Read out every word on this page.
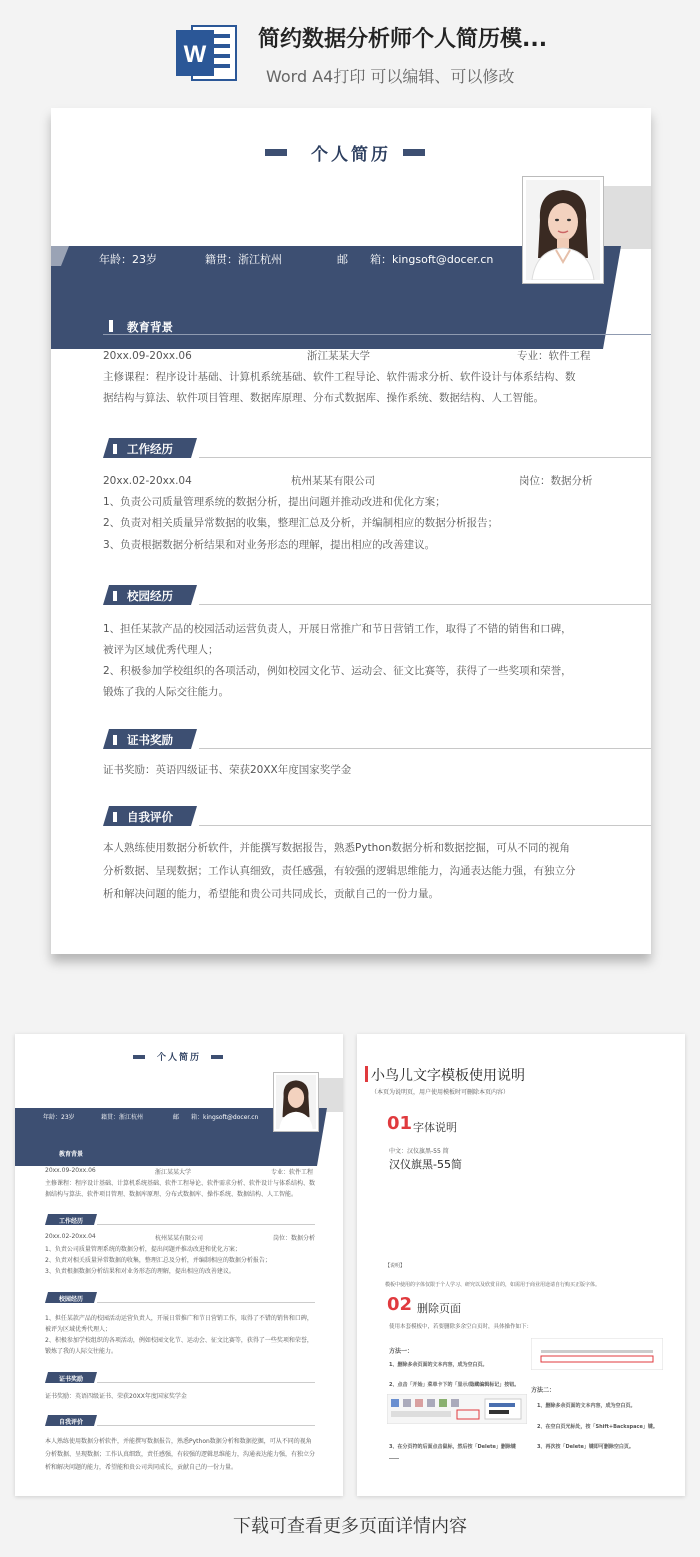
W
简约数据分析师个人简历模...
Word A4打印 可以编辑、可以修改
个人简历
年龄：23岁	籍贯：浙江杭州	邮　　箱：kingsoft@docer.cn
教育背景
20xx.09-20xx.06	浙江某某大学	专业：软件工程
主修课程：程序设计基础、计算机系统基础、软件工程导论、软件需求分析、软件设计与体系结构、数
据结构与算法、软件项目管理、数据库原理、分布式数据库、操作系统、数据结构、人工智能。
工作经历
20xx.02-20xx.04	杭州某某有限公司	岗位：数据分析
1、负责公司质量管理系统的数据分析，提出问题并推动改进和优化方案；
2、负责对相关质量异常数据的收集，整理汇总及分析，并编制相应的数据分析报告；
3、负责根据数据分析结果和对业务形态的理解，提出相应的改善建议。
校园经历
1、担任某款产品的校园活动运营负责人，开展日常推广和节日营销工作，取得了不错的销售和口碑，
被评为区域优秀代理人；
2、积极参加学校组织的各项活动，例如校园文化节、运动会、征文比赛等，获得了一些奖项和荣誉，
锻炼了我的人际交往能力。
证书奖励
证书奖励：英语四级证书、荣获20XX年度国家奖学金
自我评价
本人熟练使用数据分析软件，并能撰写数据报告，熟悉Python数据分析和数据挖掘，可从不同的视角
分析数据、呈现数据；工作认真细致，责任感强，有较强的逻辑思维能力，沟通表达能力强，有独立分
析和解决问题的能力，希望能和贵公司共同成长，贡献自己的一份力量。
个人简历
年龄：23岁	籍贯：浙江杭州	邮　　箱：kingsoft@docer.cn
教育背景
20xx.09-20xx.06	浙江某某大学	专业：软件工程
主修课程：程序设计基础、计算机系统基础、软件工程导论、软件需求分析、软件设计与体系结构、数
据结构与算法、软件项目管理、数据库原理、分布式数据库、操作系统、数据结构、人工智能。
工作经历
20xx.02-20xx.04	杭州某某有限公司	岗位：数据分析
1、负责公司质量管理系统的数据分析，提出问题并推动改进和优化方案；
2、负责对相关质量异常数据的收集，整理汇总及分析，并编制相应的数据分析报告；
3、负责根据数据分析结果和对业务形态的理解，提出相应的改善建议。
校园经历
1、担任某款产品的校园活动运营负责人，开展日常推广和节日营销工作，取得了不错的销售和口碑，
被评为区域优秀代理人；
2、积极参加学校组织的各项活动，例如校园文化节、运动会、征文比赛等，获得了一些奖项和荣誉，
锻炼了我的人际交往能力。
证书奖励
证书奖励：英语四级证书、荣获20XX年度国家奖学金
自我评价
本人熟练使用数据分析软件，并能撰写数据报告，熟悉Python数据分析和数据挖掘，可从不同的视角
分析数据、呈现数据；工作认真细致，责任感强，有较强的逻辑思维能力，沟通表达能力强，有独立分
析和解决问题的能力，希望能和贵公司共同成长，贡献自己的一份力量。
小鸟儿文字模板使用说明
（本页为说明页，用户使用模板时可删除本页内容）
01 字体说明
中文：汉仪旗黑-55 简
汉仪旗黑-55简
【说明】
模板中使用的字体仅限于个人学习、研究以及欣赏目的，如需用于商业用途请自行购买正版字体。
02 删除页面
使用本套模板中，若要删除多余空白页时，具体操作如下：
方法一：
1、删除多余页面的文本内容，成为空白页。
2、点击「开始」菜单卡下的「显示/隐藏编辑标记」按钮。
3、在分页符的后面点击鼠标，然后按「Delete」删除键
方法二：
1、删除多余页面的文本内容，成为空白页。
2、在空白页光标处，按「Shift+Backspace」键。
3、再次按「Delete」键即可删除空白页。
下载可查看更多页面详情内容
